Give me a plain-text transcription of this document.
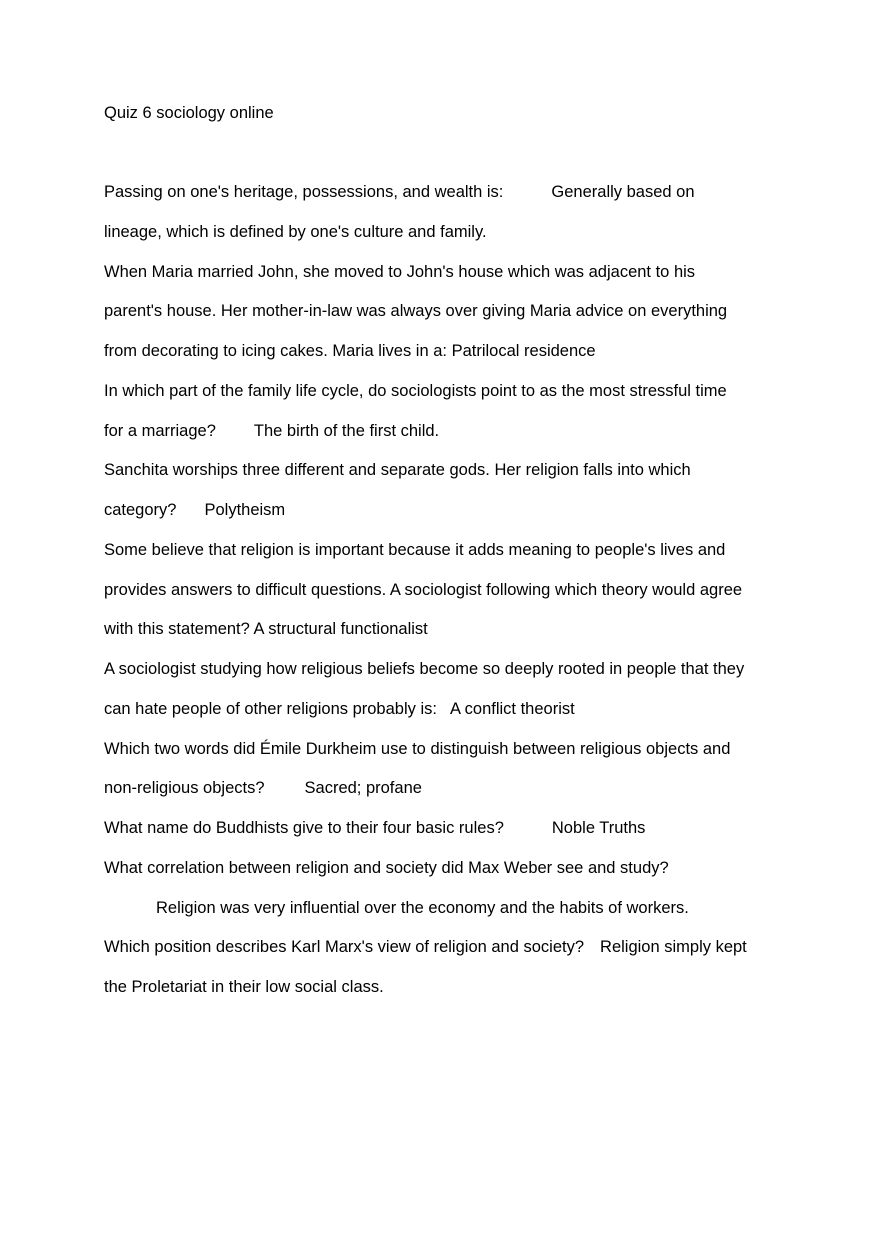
Quiz 6 sociology online
Passing on one's heritage, possessions, and wealth is:	Generally based on
lineage, which is defined by one's culture and family.
When Maria married John, she moved to John's house which was adjacent to his
parent's house. Her mother-in-law was always over giving Maria advice on everything
from decorating to icing cakes. Maria lives in a: Patrilocal residence
In which part of the family life cycle, do sociologists point to as the most stressful time
for a marriage? The birth of the first child.
Sanchita worships three different and separate gods. Her religion falls into which
category? Polytheism
Some believe that religion is important because it adds meaning to people's lives and
provides answers to difficult questions. A sociologist following which theory would agree
with this statement? A structural functionalist
A sociologist studying how religious beliefs become so deeply rooted in people that they
can hate people of other religions probably is: A conflict theorist
Which two words did Émile Durkheim use to distinguish between religious objects and
non-religious objects? Sacred; profane
What name do Buddhists give to their four basic rules?	Noble Truths
What correlation between religion and society did Max Weber see and study?
Religion was very influential over the economy and the habits of workers.
Which position describes Karl Marx's view of religion and society? Religion simply kept
the Proletariat in their low social class.
